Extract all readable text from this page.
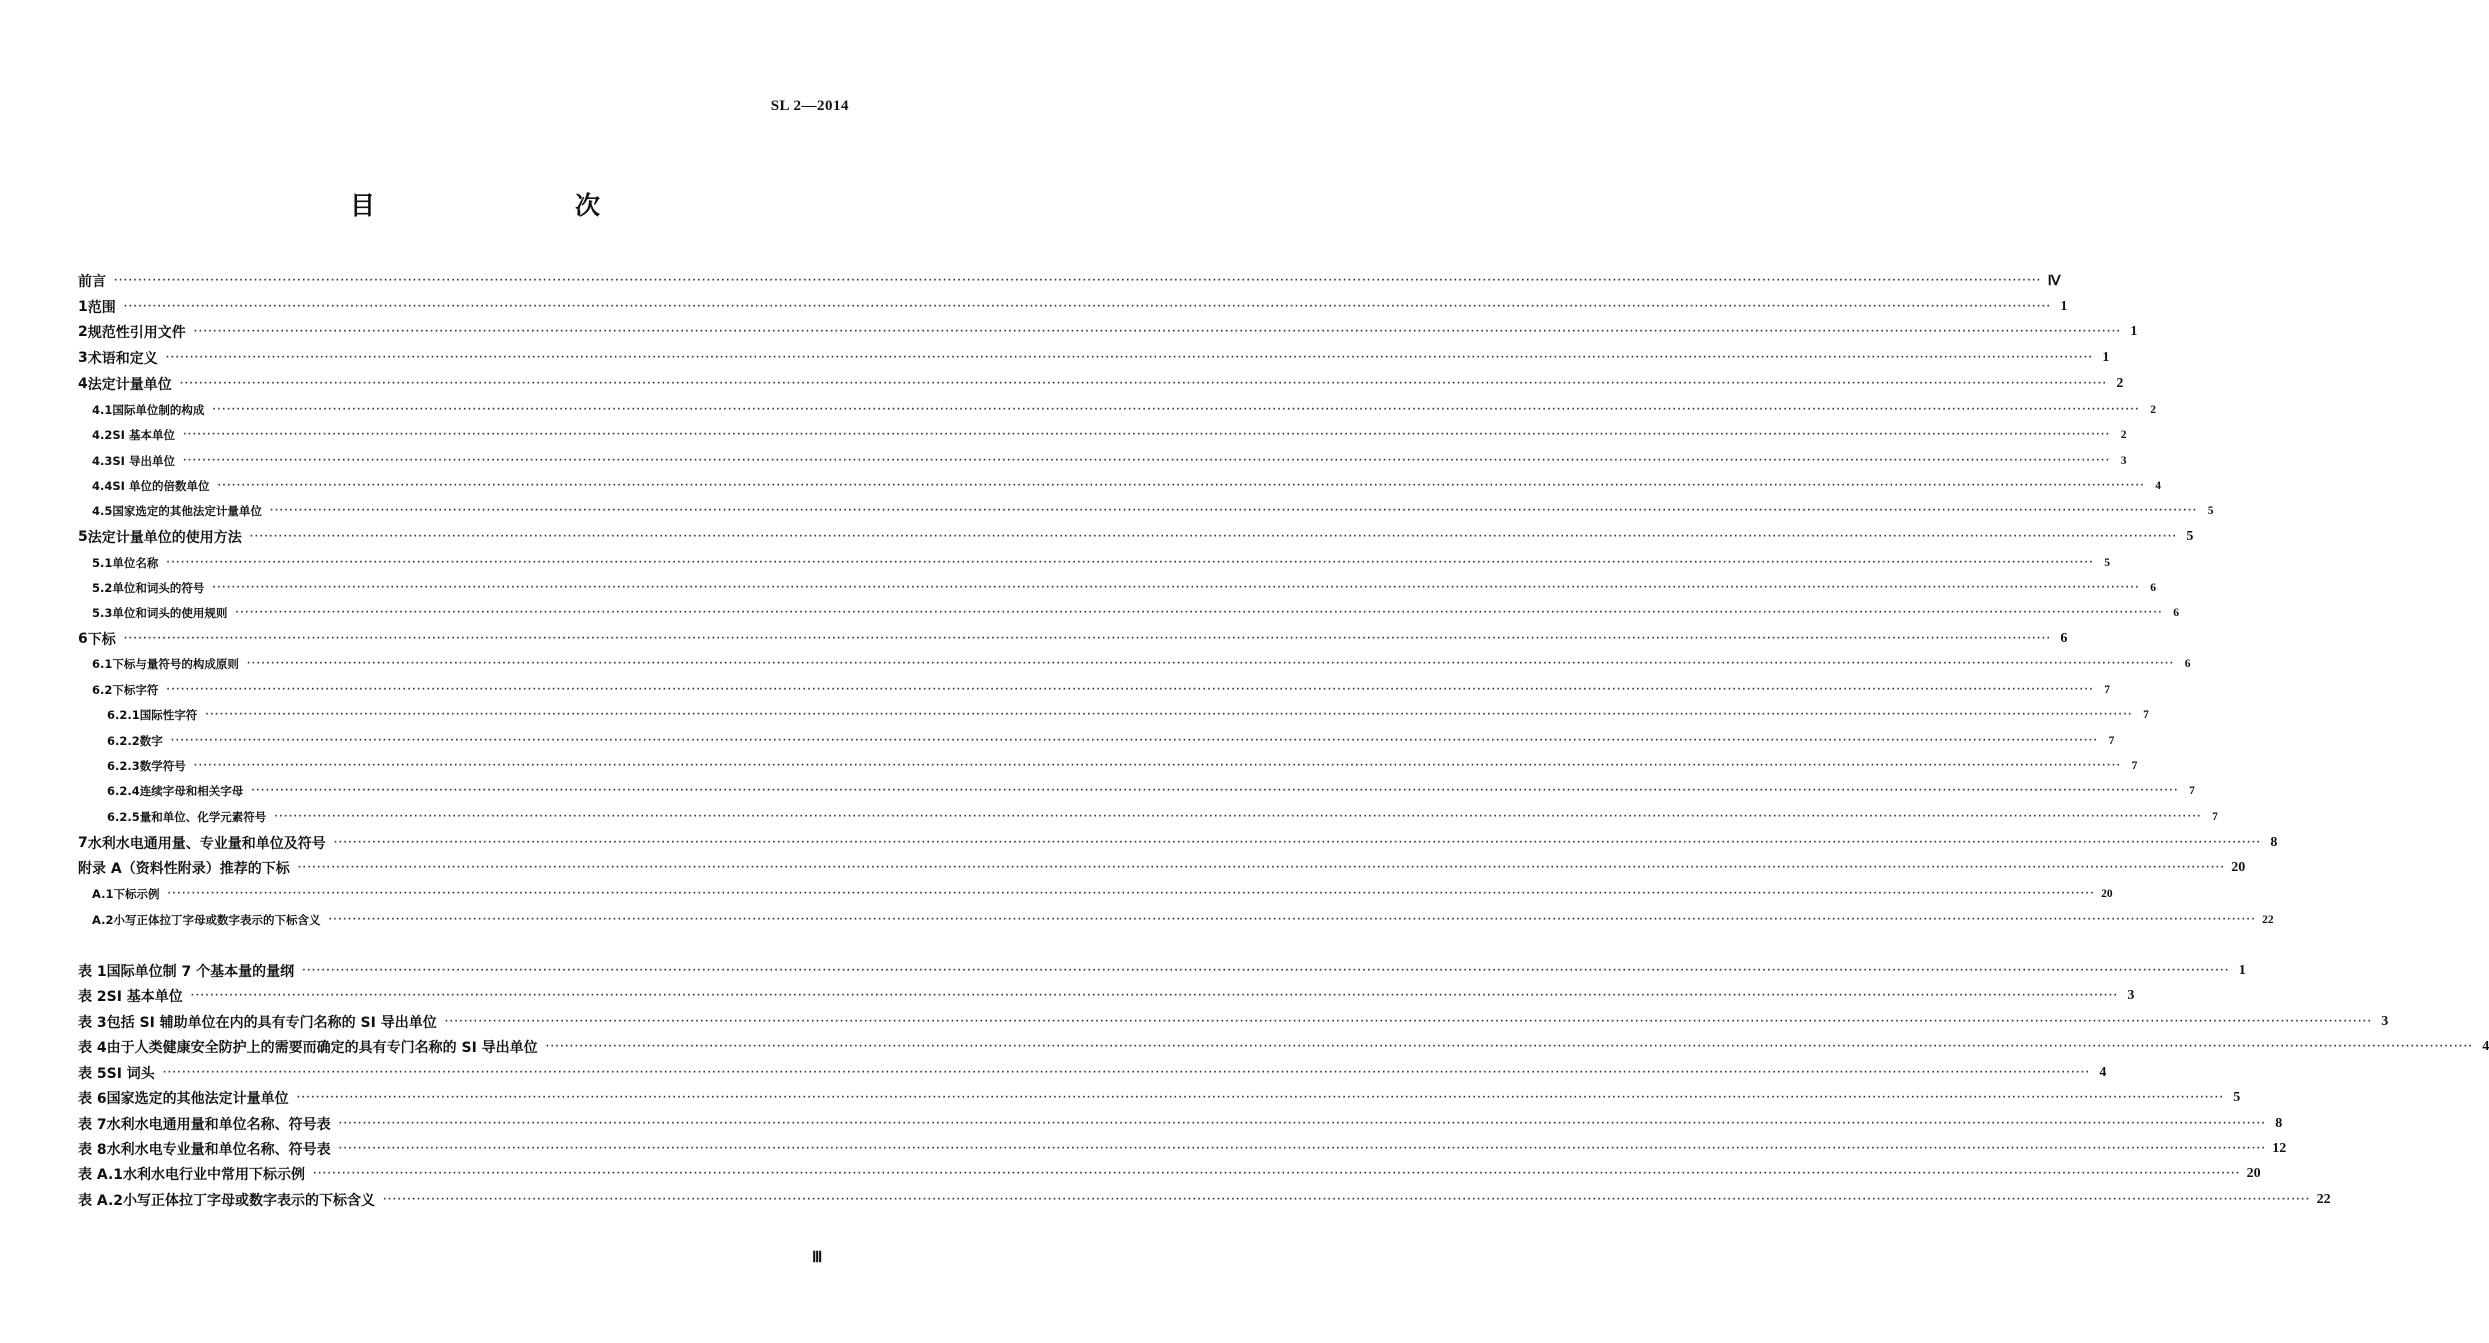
SL 2—2014
目　　次
前言 ················································································································································································································································································································································································································ Ⅳ
1 范围 ················································································································································································································································································································································································································ 1
2 规范性引用文件 ················································································································································································································································································································································································································ 1
3 术语和定义 ················································································································································································································································································································································································································ 1
4 法定计量单位 ················································································································································································································································································································································································································ 2
4.1 国际单位制的构成 ················································································································································································································································································································································································································ 2
4.2 SI 基本单位 ················································································································································································································································································································································································································ 2
4.3 SI 导出单位 ················································································································································································································································································································································································································ 3
4.4 SI 单位的倍数单位 ················································································································································································································································································································································································································ 4
4.5 国家选定的其他法定计量单位 ················································································································································································································································································································································································································ 5
5 法定计量单位的使用方法 ················································································································································································································································································································································································································ 5
5.1 单位名称 ················································································································································································································································································································································································································ 5
5.2 单位和词头的符号 ················································································································································································································································································································································································································ 6
5.3 单位和词头的使用规则 ················································································································································································································································································································································································································ 6
6 下标 ················································································································································································································································································································································································································ 6
6.1 下标与量符号的构成原则 ················································································································································································································································································································································································································ 6
6.2 下标字符 ················································································································································································································································································································································································································ 7
6.2.1 国际性字符 ················································································································································································································································································································································································································ 7
6.2.2 数字 ················································································································································································································································································································································································································ 7
6.2.3 数学符号 ················································································································································································································································································································································································································ 7
6.2.4 连续字母和相关字母 ················································································································································································································································································································································································································ 7
6.2.5 量和单位、化学元素符号 ················································································································································································································································································································································································································ 7
7 水利水电通用量、专业量和单位及符号 ················································································································································································································································································································································································································ 8
附录 A（资料性附录） 推荐的下标 ················································································································································································································································································································································································································ 20
A.1 下标示例 ················································································································································································································································································································································································································ 20
A.2 小写正体拉丁字母或数字表示的下标含义 ················································································································································································································································································································································································································ 22
表 1 国际单位制 7 个基本量的量纲 ················································································································································································································································································································································································································ 1
表 2 SI 基本单位 ················································································································································································································································································································································································································ 3
表 3 包括 SI 辅助单位在内的具有专门名称的 SI 导出单位 ················································································································································································································································································································································································································ 3
表 4 由于人类健康安全防护上的需要而确定的具有专门名称的 SI 导出单位 ················································································································································································································································································································································································································ 4
表 5 SI 词头 ················································································································································································································································································································································································································ 4
表 6 国家选定的其他法定计量单位 ················································································································································································································································································································································································································ 5
表 7 水利水电通用量和单位名称、符号表 ················································································································································································································································································································································································································ 8
表 8 水利水电专业量和单位名称、符号表 ················································································································································································································································································································································································································ 12
表 A.1 水利水电行业中常用下标示例 ················································································································································································································································································································································································································ 20
表 A.2 小写正体拉丁字母或数字表示的下标含义 ················································································································································································································································································································································································································ 22
Ⅲ
